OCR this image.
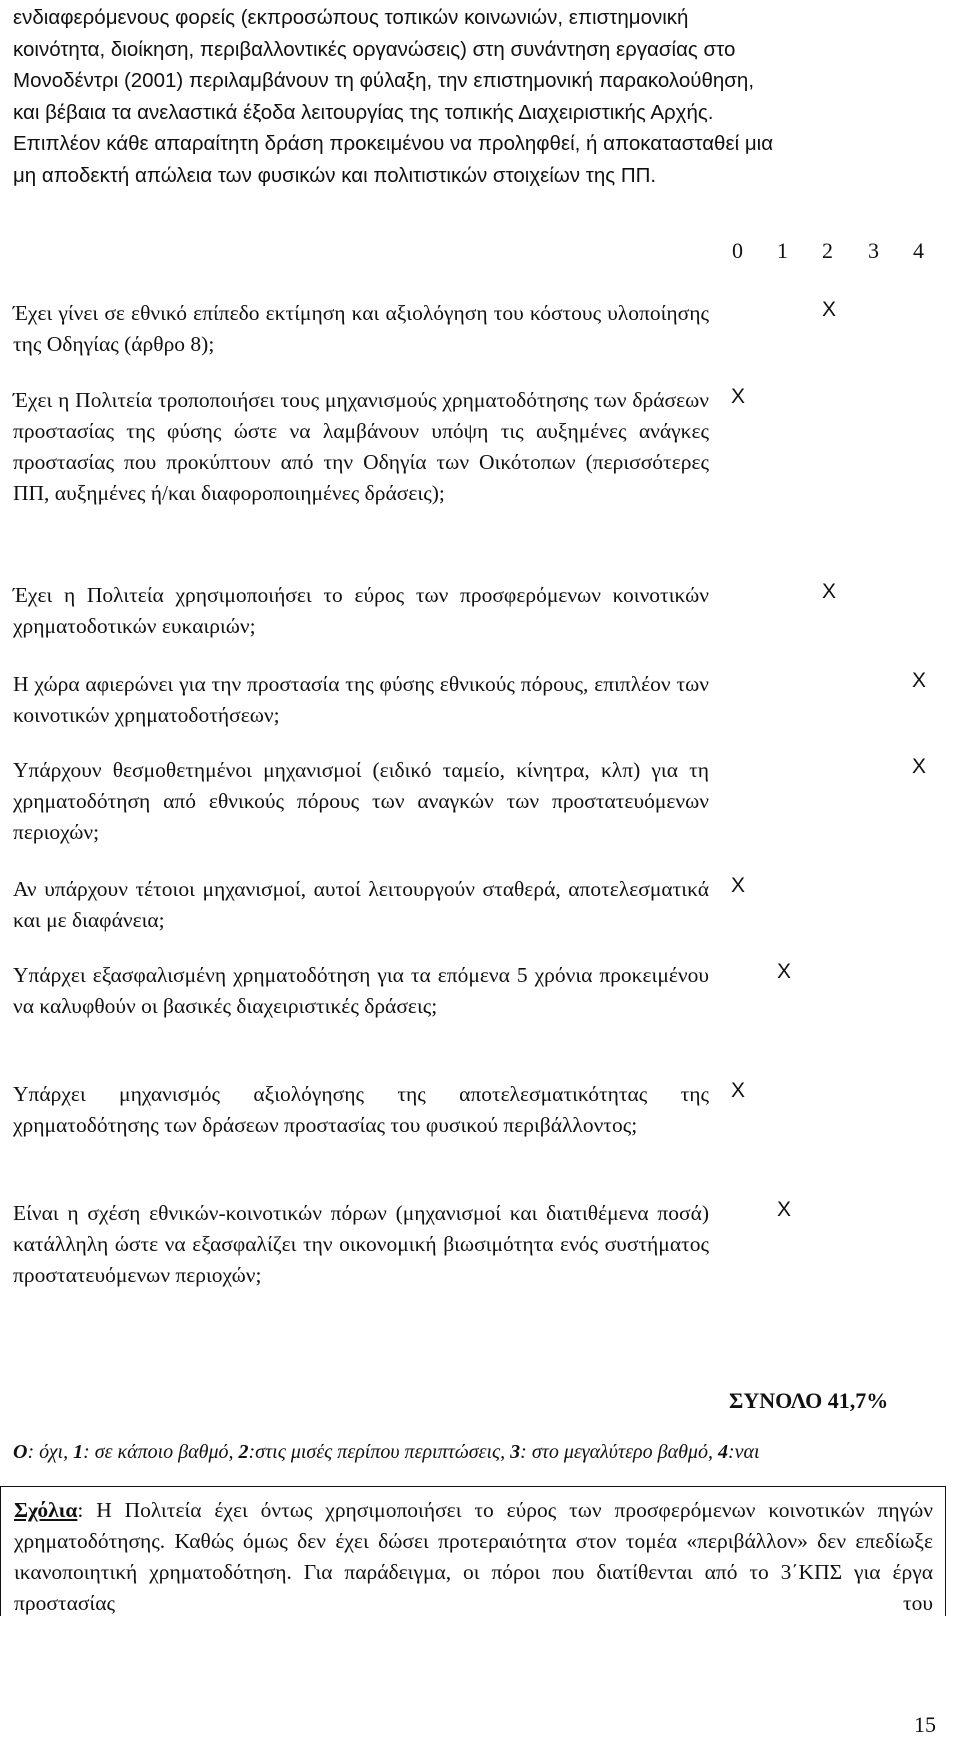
ενδιαφερόμενους φορείς (εκπροσώπους τοπικών κοινωνιών, επιστημονική
κοινότητα, διοίκηση, περιβαλλοντικές οργανώσεις) στη συνάντηση εργασίας στο
Μονοδέντρι (2001) περιλαμβάνουν τη φύλαξη, την επιστημονική παρακολούθηση,
και βέβαια τα ανελαστικά έξοδα λειτουργίας της τοπικής Διαχειριστικής Αρχής.
Επιπλέον κάθε απαραίτητη δράση προκειμένου να προληφθεί, ή αποκατασταθεί μια
μη αποδεκτή απώλεια των φυσικών και πολιτιστικών στοιχείων της ΠΠ.
0 1 2 3 4
Έχει γίνει σε εθνικό επίπεδο εκτίμηση και αξιολόγηση του κόστους υλοποίησης της Οδηγίας (άρθρο 8);
X
Έχει η Πολιτεία τροποποιήσει τους μηχανισμούς χρηματοδότησης των δράσεων προστασίας της φύσης ώστε να λαμβάνουν υπόψη τις αυξημένες ανάγκες προστασίας που προκύπτουν από την Οδηγία των Οικότοπων (περισσότερες ΠΠ, αυξημένες ή/και διαφοροποιημένες δράσεις);
X
Έχει η Πολιτεία χρησιμοποιήσει το εύρος των προσφερόμενων κοινοτικών χρηματοδοτικών ευκαιριών;
X
Η χώρα αφιερώνει για την προστασία της φύσης εθνικούς πόρους, επιπλέον των κοινοτικών χρηματοδοτήσεων;
X
Υπάρχουν θεσμοθετημένοι μηχανισμοί (ειδικό ταμείο, κίνητρα, κλπ) για τη χρηματοδότηση από εθνικούς πόρους των αναγκών των προστατευόμενων περιοχών;
X
Αν υπάρχουν τέτοιοι μηχανισμοί, αυτοί λειτουργούν σταθερά, αποτελεσματικά και με διαφάνεια;
X
Υπάρχει εξασφαλισμένη χρηματοδότηση για τα επόμενα 5 χρόνια προκειμένου να καλυφθούν οι βασικές διαχειριστικές δράσεις;
X
Υπάρχει μηχανισμός αξιολόγησης της αποτελεσματικότητας της χρηματοδότησης των δράσεων προστασίας του φυσικού περιβάλλοντος;
X
Είναι η σχέση εθνικών-κοινοτικών πόρων (μηχανισμοί και διατιθέμενα ποσά) κατάλληλη ώστε να εξασφαλίζει την οικονομική βιωσιμότητα ενός συστήματος προστατευόμενων περιοχών;
X
ΣΥΝΟΛΟ 41,7%
O: όχι, 1: σε κάποιο βαθμό, 2:στις μισές περίπου περιπτώσεις, 3: στο μεγαλύτερο βαθμό, 4:ναι
Σχόλια: Η Πολιτεία έχει όντως χρησιμοποιήσει το εύρος των προσφερόμενων κοινοτικών πηγών χρηματοδότησης. Καθώς όμως δεν έχει δώσει προτεραιότητα στον τομέα «περιβάλλον» δεν επεδίωξε ικανοποιητική χρηματοδότηση. Για παράδειγμα, οι πόροι που διατίθενται από το 3΄ΚΠΣ για έργα προστασίας του
15
